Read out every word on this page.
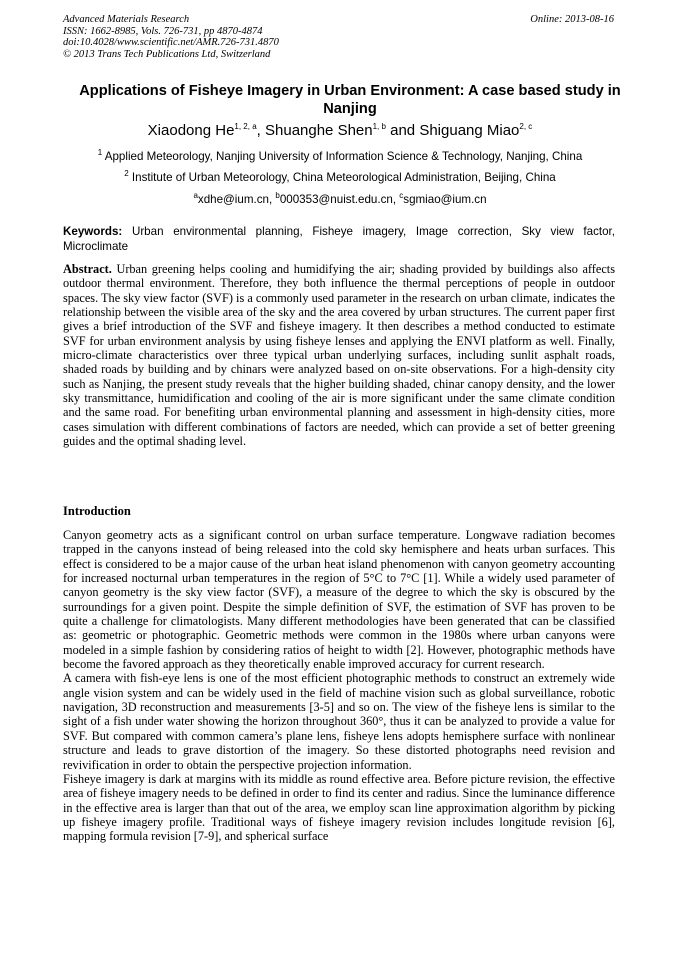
Advanced Materials Research
ISSN: 1662-8985, Vols. 726-731, pp 4870-4874
doi:10.4028/www.scientific.net/AMR.726-731.4870
© 2013 Trans Tech Publications Ltd, Switzerland
Online: 2013-08-16
Applications of Fisheye Imagery in Urban Environment: A case based study in Nanjing
Xiaodong He$^{1, 2, a}$, Shuanghe Shen$^{1, b}$ and Shiguang Miao$^{2, c}$
$^1$ Applied Meteorology, Nanjing University of Information Science & Technology, Nanjing, China
$^2$ Institute of Urban Meteorology, China Meteorological Administration, Beijing, China
$^a$xdhe@ium.cn, $^b$000353@nuist.edu.cn, $^c$sgmiao@ium.cn
Keywords: Urban environmental planning, Fisheye imagery, Image correction, Sky view factor, Microclimate

Abstract. Urban greening helps cooling and humidifying the air; shading provided by buildings also affects outdoor thermal environment. Therefore, they both influence the thermal perceptions of people in outdoor spaces. The sky view factor (SVF) is a commonly used parameter in the research on urban climate, indicates the relationship between the visible area of the sky and the area covered by urban structures. The current paper first gives a brief introduction of the SVF and fisheye imagery. It then describes a method conducted to estimate SVF for urban environment analysis by using fisheye lenses and applying the ENVI platform as well. Finally, micro-climate characteristics over three typical urban underlying surfaces, including sunlit asphalt roads, shaded roads by building and by chinars were analyzed based on on-site observations. For a high-density city such as Nanjing, the present study reveals that the higher building shaded, chinar canopy density, and the lower sky transmittance, humidification and cooling of the air is more significant under the same climate condition and the same road. For benefiting urban environmental planning and assessment in high-density cities, more cases simulation with different combinations of factors are needed, which can provide a set of better greening guides and the optimal shading level.

Introduction

Canyon geometry acts as a significant control on urban surface temperature. Longwave radiation becomes trapped in the canyons instead of being released into the cold sky hemisphere and heats urban surfaces. This effect is considered to be a major cause of the urban heat island phenomenon with canyon geometry accounting for increased nocturnal urban temperatures in the region of 5°C to 7°C [1]. While a widely used parameter of canyon geometry is the sky view factor (SVF), a measure of the degree to which the sky is obscured by the surroundings for a given point. Despite the simple definition of SVF, the estimation of SVF has proven to be quite a challenge for climatologists. Many different methodologies have been generated that can be classified as: geometric or photographic. Geometric methods were common in the 1980s where urban canyons were modeled in a simple fashion by considering ratios of height to width [2]. However, photographic methods have become the favored approach as they theoretically enable improved accuracy for current research.

A camera with fish-eye lens is one of the most efficient photographic methods to construct an extremely wide angle vision system and can be widely used in the field of machine vision such as global surveillance, robotic navigation, 3D reconstruction and measurements [3-5] and so on. The view of the fisheye lens is similar to the sight of a fish under water showing the horizon throughout 360°, thus it can be analyzed to provide a value for SVF. But compared with common camera’s plane lens, fisheye lens adopts hemisphere surface with nonlinear structure and leads to grave distortion of the imagery. So these distorted photographs need revision and revivification in order to obtain the perspective projection information.

Fisheye imagery is dark at margins with its middle as round effective area. Before picture revision, the effective area of fisheye imagery needs to be defined in order to find its center and radius. Since the luminance difference in the effective area is larger than that out of the area, we employ scan line approximation algorithm by picking up fisheye imagery profile. Traditional ways of fisheye imagery revision includes longitude revision [6], mapping formula revision [7-9], and spherical surface
